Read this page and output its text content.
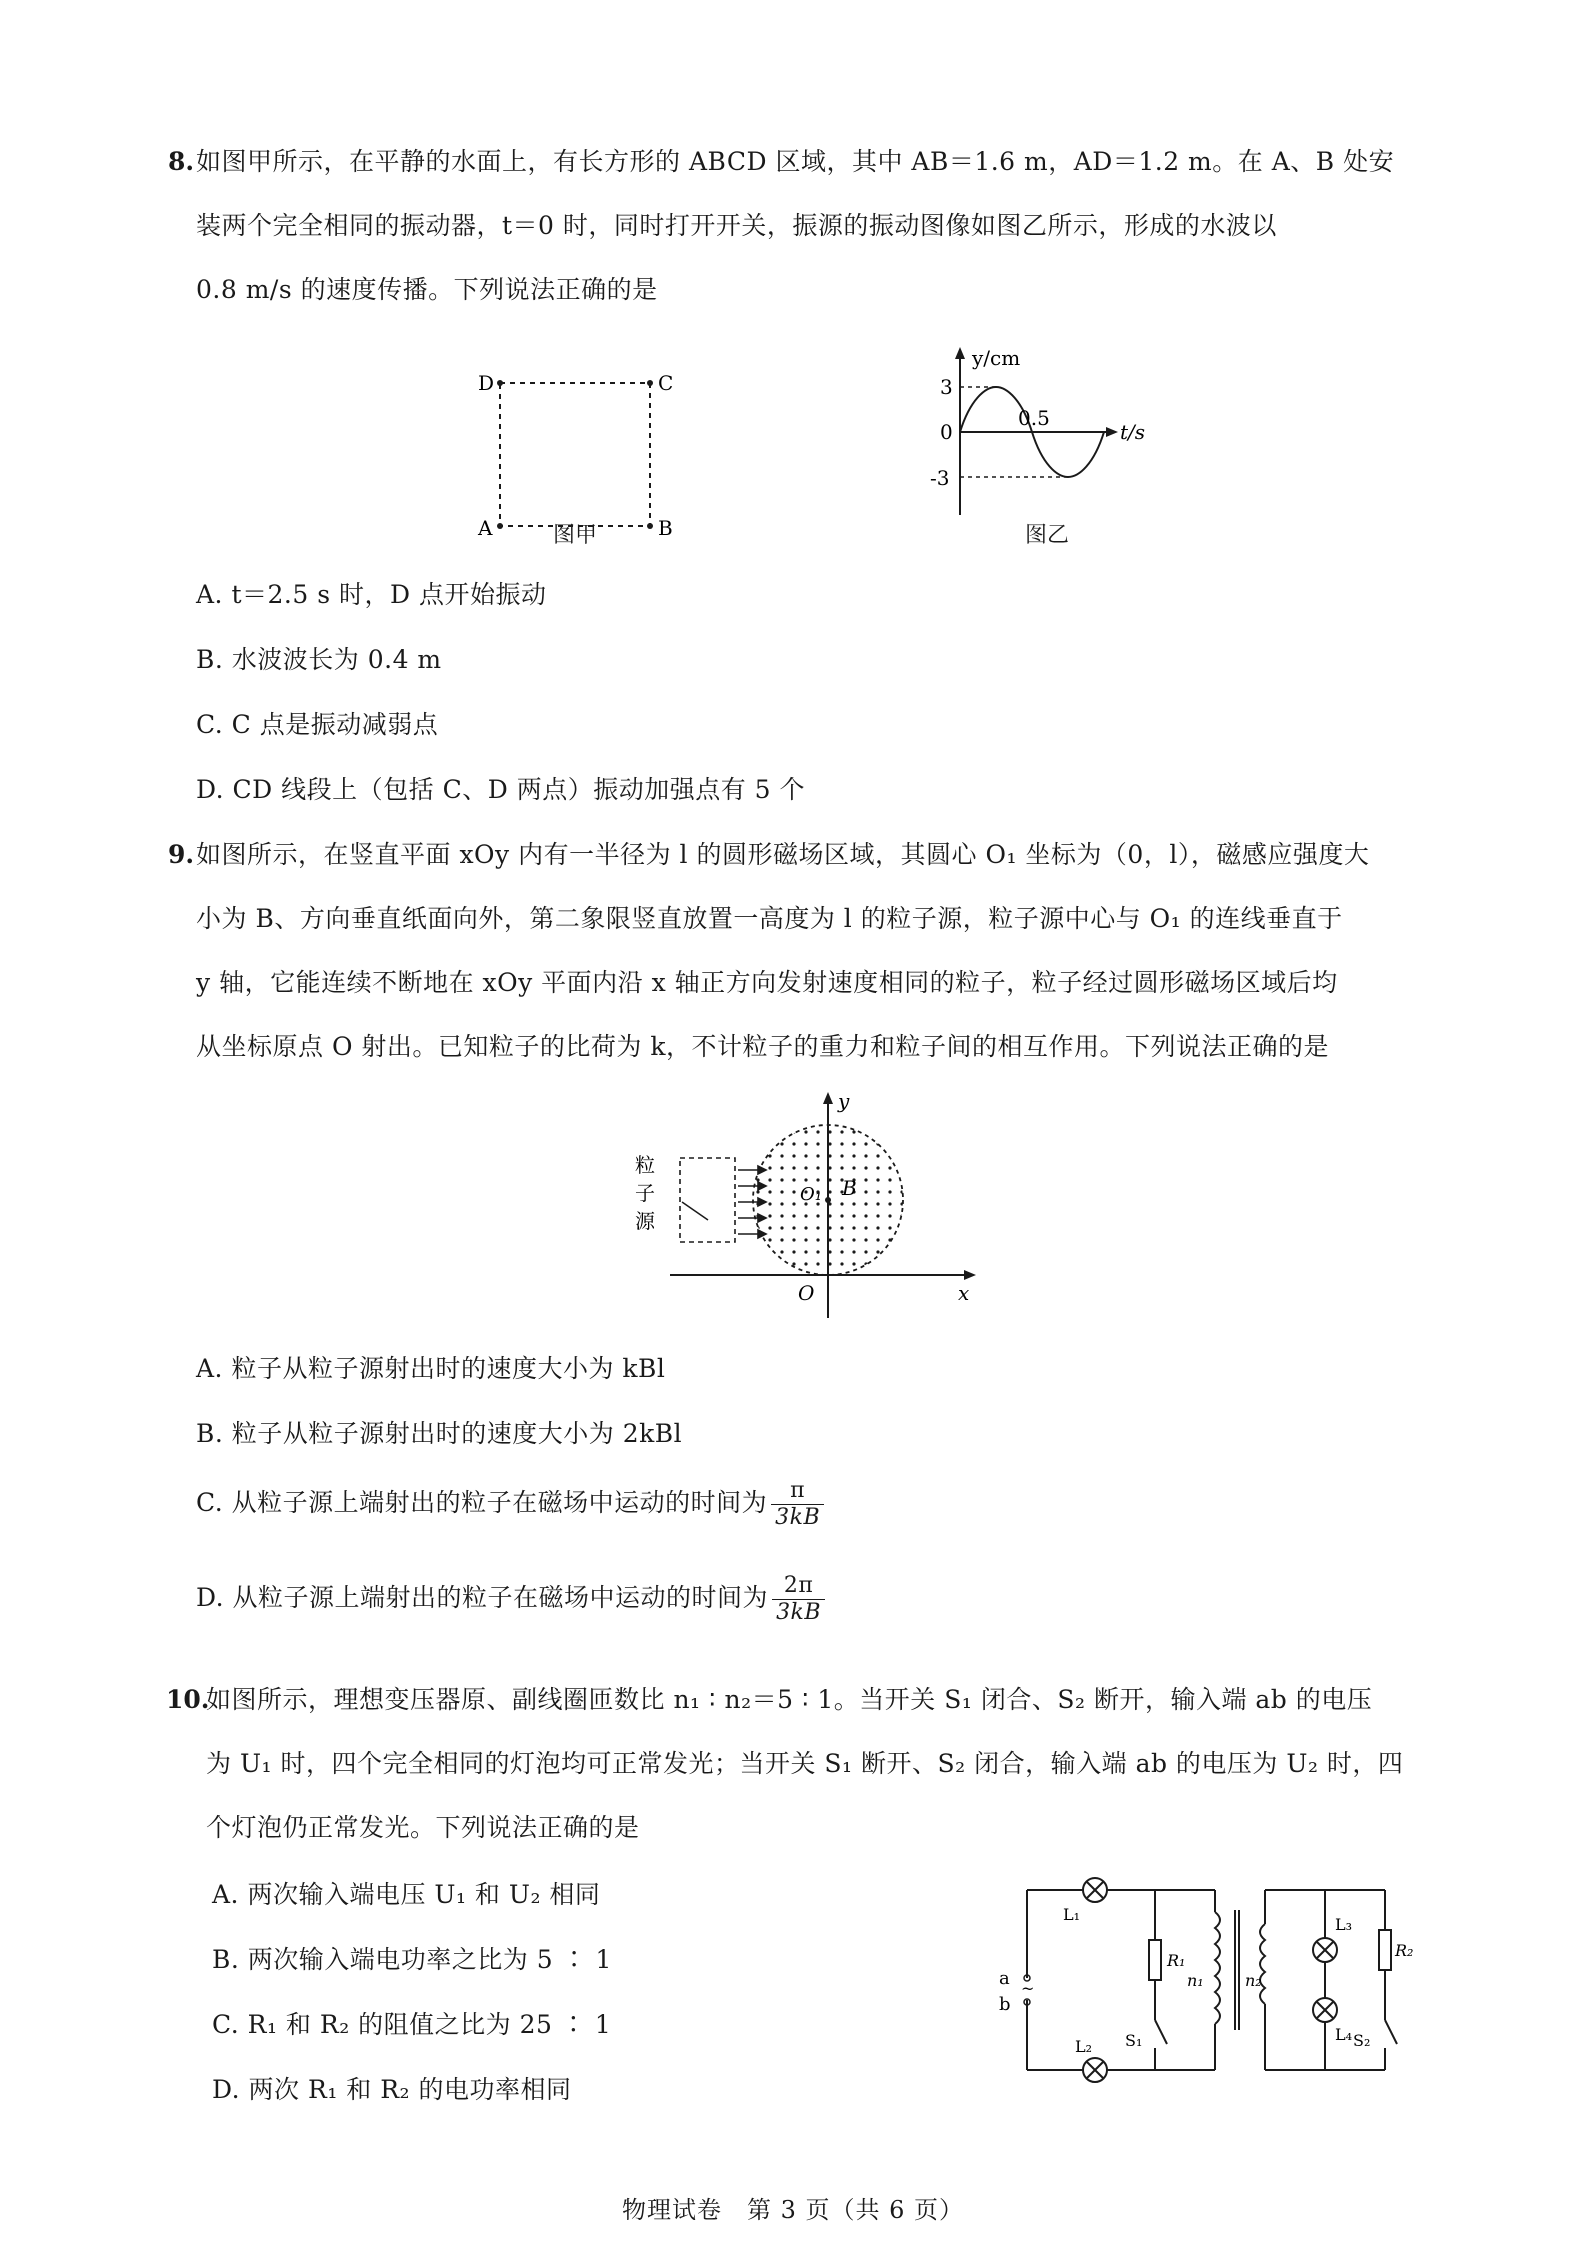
8. 如图甲所示，在平静的水面上，有长方形的 ABCD 区域，其中 AB＝1.6 m，AD＝1.2 m。在 A、B 处安
装两个完全相同的振动器，t＝0 时，同时打开开关，振源的振动图像如图乙所示，形成的水波以
0.8 m/s 的速度传播。下列说法正确的是
D	C
A	B
图甲
y/cm
3
0
-3
0.5
t/s
图乙
A. t＝2.5 s 时，D 点开始振动
B. 水波波长为 0.4 m
C. C 点是振动减弱点
D. CD 线段上（包括 C、D 两点）振动加强点有 5 个
9. 如图所示，在竖直平面 xOy 内有一半径为 l 的圆形磁场区域，其圆心 O₁ 坐标为（0，l），磁感应强度大
小为 B、方向垂直纸面向外，第二象限竖直放置一高度为 l 的粒子源，粒子源中心与 O₁ 的连线垂直于
y 轴，它能连续不断地在 xOy 平面内沿 x 轴正方向发射速度相同的粒子，粒子经过圆形磁场区域后均
从坐标原点 O 射出。已知粒子的比荷为 k，不计粒子的重力和粒子间的相互作用。下列说法正确的是
粒
子
源
y
x
O
O₁ B
A. 粒子从粒子源射出时的速度大小为 kBl
B. 粒子从粒子源射出时的速度大小为 2kBl
C. 从粒子源上端射出的粒子在磁场中运动的时间为 $\frac{\pi}{3kB}$
D. 从粒子源上端射出的粒子在磁场中运动的时间为 $\frac{2\pi}{3kB}$
10.
如图所示，理想变压器原、副线圈匝数比 n₁ ∶ n₂＝5 ∶ 1。当开关 S₁ 闭合、S₂ 断开，输入端 ab 的电压
为 U₁ 时，四个完全相同的灯泡均可正常发光；当开关 S₁ 断开、S₂ 闭合，输入端 ab 的电压为 U₂ 时，四
个灯泡仍正常发光。下列说法正确的是
A. 两次输入端电压 U₁ 和 U₂ 相同
B. 两次输入端电功率之比为 5 ∶ 1
C. R₁ 和 R₂ 的阻值之比为 25 ∶ 1
D. 两次 R₁ 和 R₂ 的电功率相同
~
a
b
L₁
L₂
R₁
S₁
n₁	n₂
L₃
L₄
R₂
S₂
物理试卷　第 3 页（共 6 页）
